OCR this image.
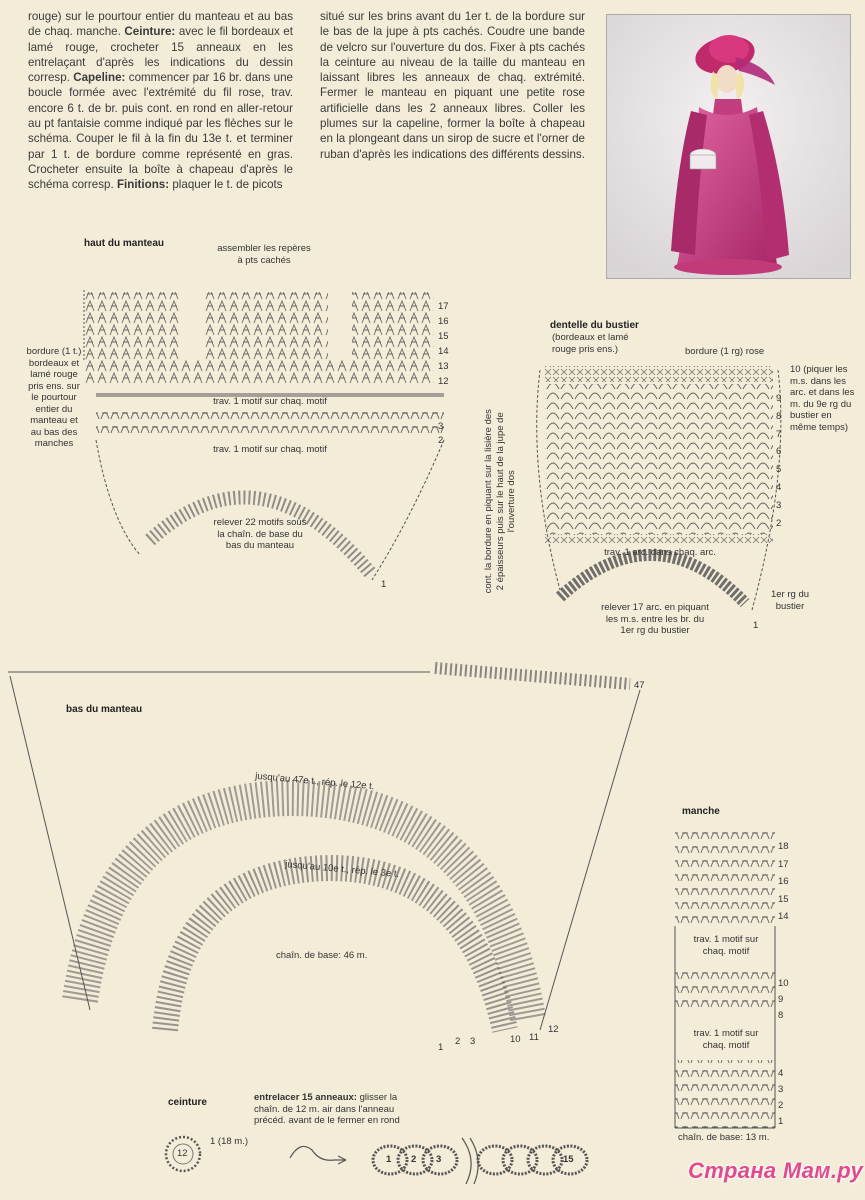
rouge) sur le pourtour entier du manteau et au bas de chaq. manche. Ceinture: avec le fil bordeaux et lamé rouge, crocheter 15 anneaux en les entrelaçant d'après les indications du dessin corresp. Capeline: commencer par 16 br. dans une boucle formée avec l'extrémité du fil rose, trav. encore 6 t. de br. puis cont. en rond en aller-retour au pt fantaisie comme indiqué par les flèches sur le schéma. Couper le fil à la fin du 13e t. et terminer par 1 t. de bordure comme représenté en gras. Crocheter ensuite la boîte à chapeau d'après le schéma corresp. Finitions: plaquer le t. de picots

situé sur les brins avant du 1er t. de la bordure sur le bas de la jupe à pts cachés. Coudre une bande de velcro sur l'ouverture du dos. Fixer à pts cachés la ceinture au niveau de la taille du manteau en laissant libres les anneaux de chaq. extrémité. Fermer le manteau en piquant une petite rose artificielle dans les 2 anneaux libres. Coller les plumes sur la capeline, former la boîte à chapeau en la plongeant dans un sirop de sucre et l'orner de ruban d'après les indications des différents dessins.

haut du manteau	assembler les repères à pts cachés
bordure (1 t.) bordeaux et lamé rouge pris ens. sur le pourtour entier du manteau et au bas des manches
trav. 1 motif sur chaq. motif
trav. 1 motif sur chaq. motif
relever 22 motifs sous la chaîn. de base du bas du manteau
17
16
15
14
13
12
3
2
1
dentelle du bustier
(bordeaux et lamé rouge pris ens.)	bordure (1 rg) rose
10 (piquer les m.s. dans les arc. et dans les m. du 9e rg du bustier en même temps)
9
8
7
6
5
4
3
2
cont. la bordure en piquant sur la lisière des 2 épaisseurs puis sur le haut de la jupe de l'ouverture dos
trav. 1 arc. dans chaq. arc.
relever 17 arc. en piquant les m.s. entre les br. du 1er rg du bustier
1er rg du bustier
1
bas du manteau
47
jusqu'au 47e t., rép. le 12e t.
jusqu'au 10e t., rép. le 3e t.
chaîn. de base: 46 m.
1
2 3	10 11
12
manche
18
17
16
15
14
trav. 1 motif sur chaq. motif
10
9
8
trav. 1 motif sur chaq. motif
4
3
2
1
chaîn. de base: 13 m.
ceinture
12
1 (18 m.)
entrelacer 15 anneaux: glisser la chaîn. de 12 m. air dans l'anneau précéd. avant de le fermer en rond
1 2 3	15	Страна Мам.ру
